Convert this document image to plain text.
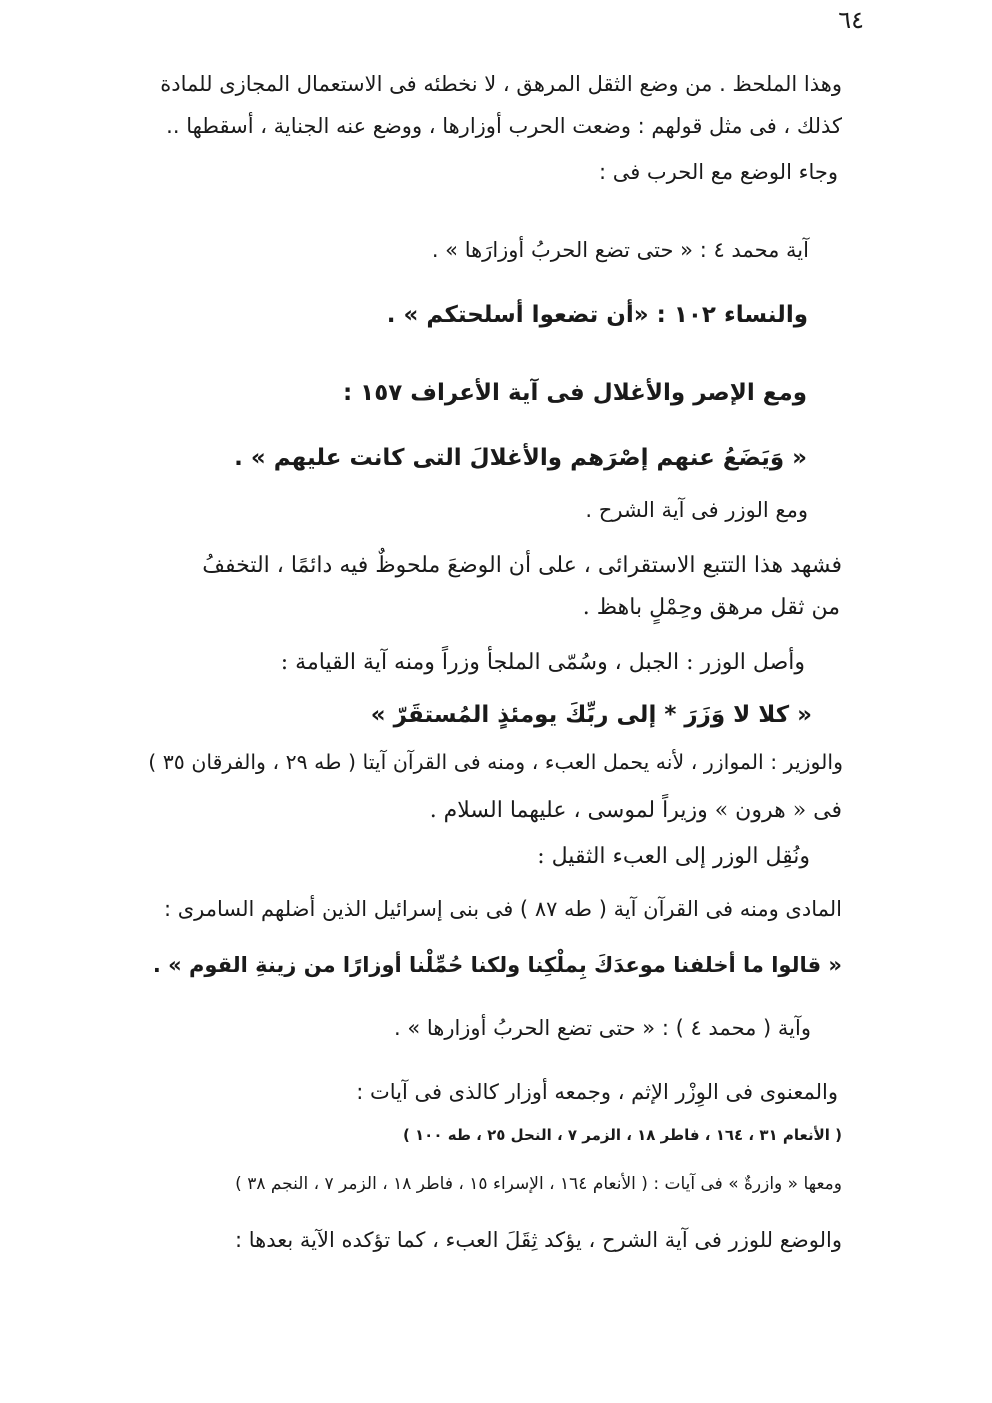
٦٤
وهذا الملحظ . من وضع الثقل المرهق ، لا نخطئه فى الاستعمال المجازى للمادة
كذلك ، فى مثل قولهم : وضعت الحرب أوزارها ، ووضع عنه الجناية ، أسقطها ..
وجاء الوضع مع الحرب فى :
آية محمد ٤ : « حتى تضع الحربُ أوزارَها » .
والنساء ١٠٢ : «أن تضعوا أسلحتكم » .
ومع الإصر والأغلال فى آية الأعراف ١٥٧ :
« وَيَضَعُ عنهم إصْرَهم والأغلالَ التى كانت عليهم » .
ومع الوزر فى آية الشرح .
فشهد هذا التتبع الاستقرائى ، على أن الوضعَ ملحوظٌ فيه دائمًا ، التخففُ
من ثقل مرهق وحِمْلٍ باهظ .
وأصل الوزر : الجبل ، وسُمّى الملجأ وزراً ومنه آية القيامة :
« كلا لا وَزَرَ * إلى ربِّكَ يومئذٍ المُستقَرّ »
والوزير : الموازر ، لأنه يحمل العبء ، ومنه فى القرآن آيتا ( طه ٢٩ ، والفرقان ٣٥ )
فى « هرون » وزيراً لموسى ، عليهما السلام .
ونُقِل الوزر إلى العبء الثقيل :
المادى ومنه فى القرآن آية ( طه ٨٧ ) فى بنى إسرائيل الذين أضلهم السامرى :
« قالوا ما أخلفنا موعدَكَ بِملْكِنا ولكنا حُمِّلْنا أوزارًا من زينةِ القوم » .
وآية ( محمد ٤ ) : « حتى تضع الحربُ أوزارها » .
والمعنوى فى الوِزْر الإثم ، وجمعه أوزار كالذى فى آيات :
( الأنعام ٣١ ، ١٦٤ ، فاطر ١٨ ، الزمر ٧ ، النحل ٢٥ ، طه ١٠٠ )
ومعها « وازرةٌ » فى آيات : ( الأنعام ١٦٤ ، الإسراء ١٥ ، فاطر ١٨ ، الزمر ٧ ، النجم ٣٨ )
والوضع للوزر فى آية الشرح ، يؤكد ثِقَلَ العبء ، كما تؤكده الآية بعدها :
